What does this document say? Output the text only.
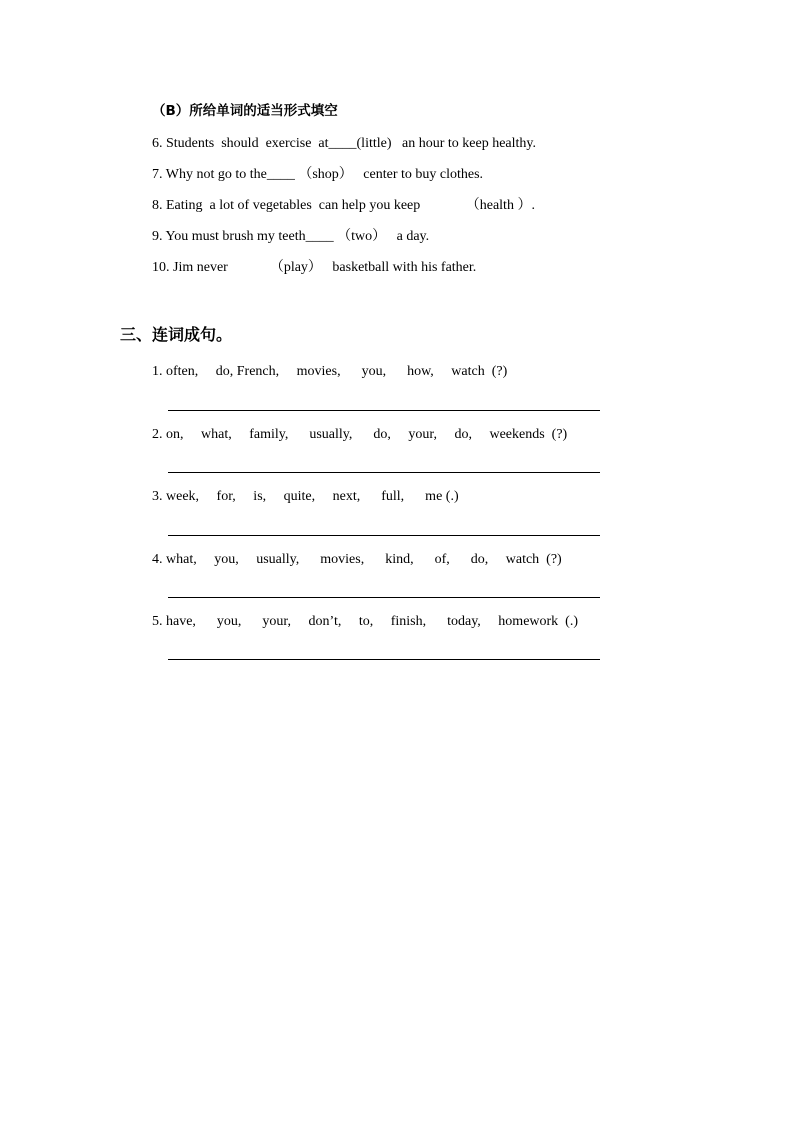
（B）所给单词的适当形式填空
6. Students  should  exercise  at____(little)   an hour to keep healthy.
7. Why not go to the____ （shop）   center to buy clothes.
8. Eating  a lot of vegetables  can help you keep             （health ）.
9. You must brush my teeth____ （two）   a day.
10. Jim never            （play）   basketball with his father.
三、连词成句。
1. often,     do, French,     movies,      you,      how,     watch  (?)
2. on,     what,     family,      usually,      do,     your,     do,     weekends  (?)
3. week,     for,     is,     quite,     next,      full,      me (.)
4. what,     you,     usually,      movies,      kind,      of,      do,     watch  (?)
5. have,      you,      your,     don’t,     to,     finish,      today,     homework  (.)
